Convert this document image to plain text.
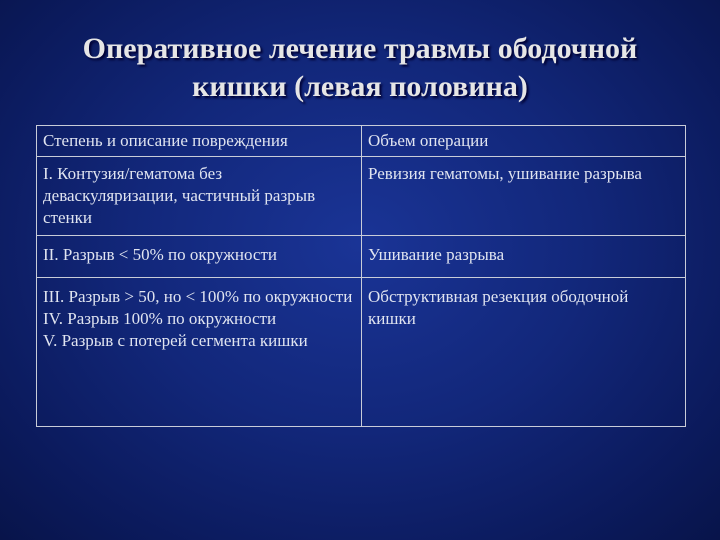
Оперативное лечение травмы ободочной
кишки (левая половина)
Степень и описание повреждения	Объем операции

I. Контузия/гематома без деваскуляризации, частичный разрыв стенки	Ревизия гематомы, ушивание разрыва

II. Разрыв < 50% по окружности	Ушивание разрыва

III. Разрыв > 50, но < 100% по окружности
IV. Разрыв 100% по окружности
V. Разрыв с потерей сегмента кишки	Обструктивная резекция ободочной кишки
